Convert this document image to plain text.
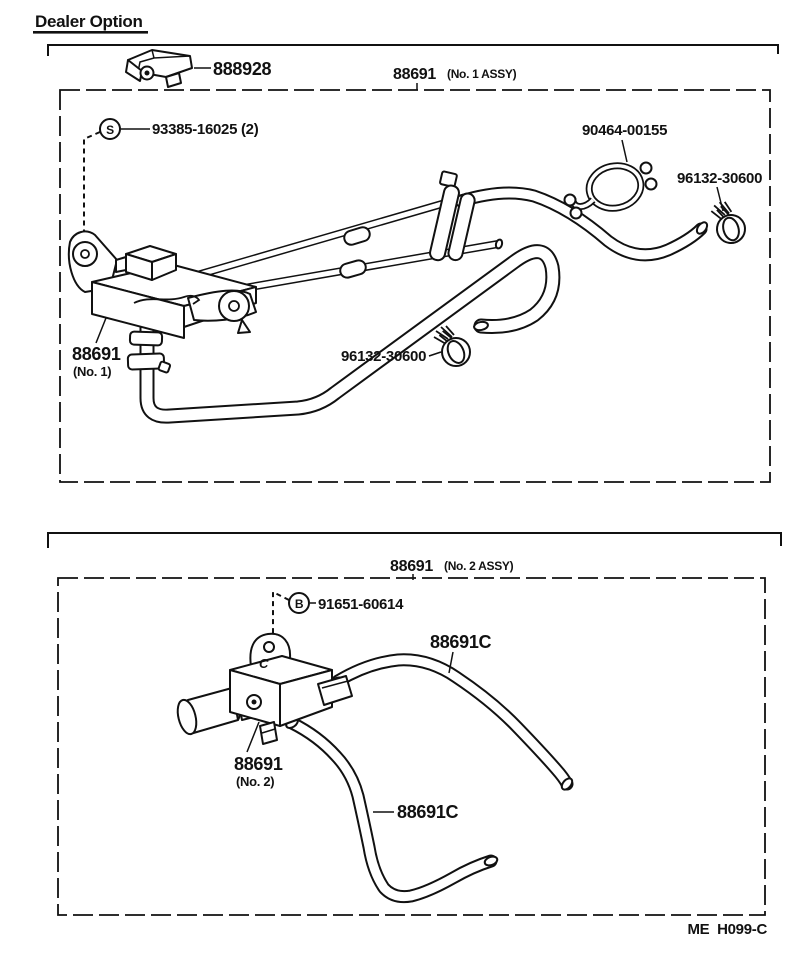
Dealer Option
888928	88691 (No. 1 ASSY)
S	93385-16025 (2)	90464-00155
96132-30600
96132-30600
88691
(No. 1)
88691 (No. 2 ASSY)
C
B 91651-60614
88691C
88691C
88691
(No. 2)
ME  H099-C
